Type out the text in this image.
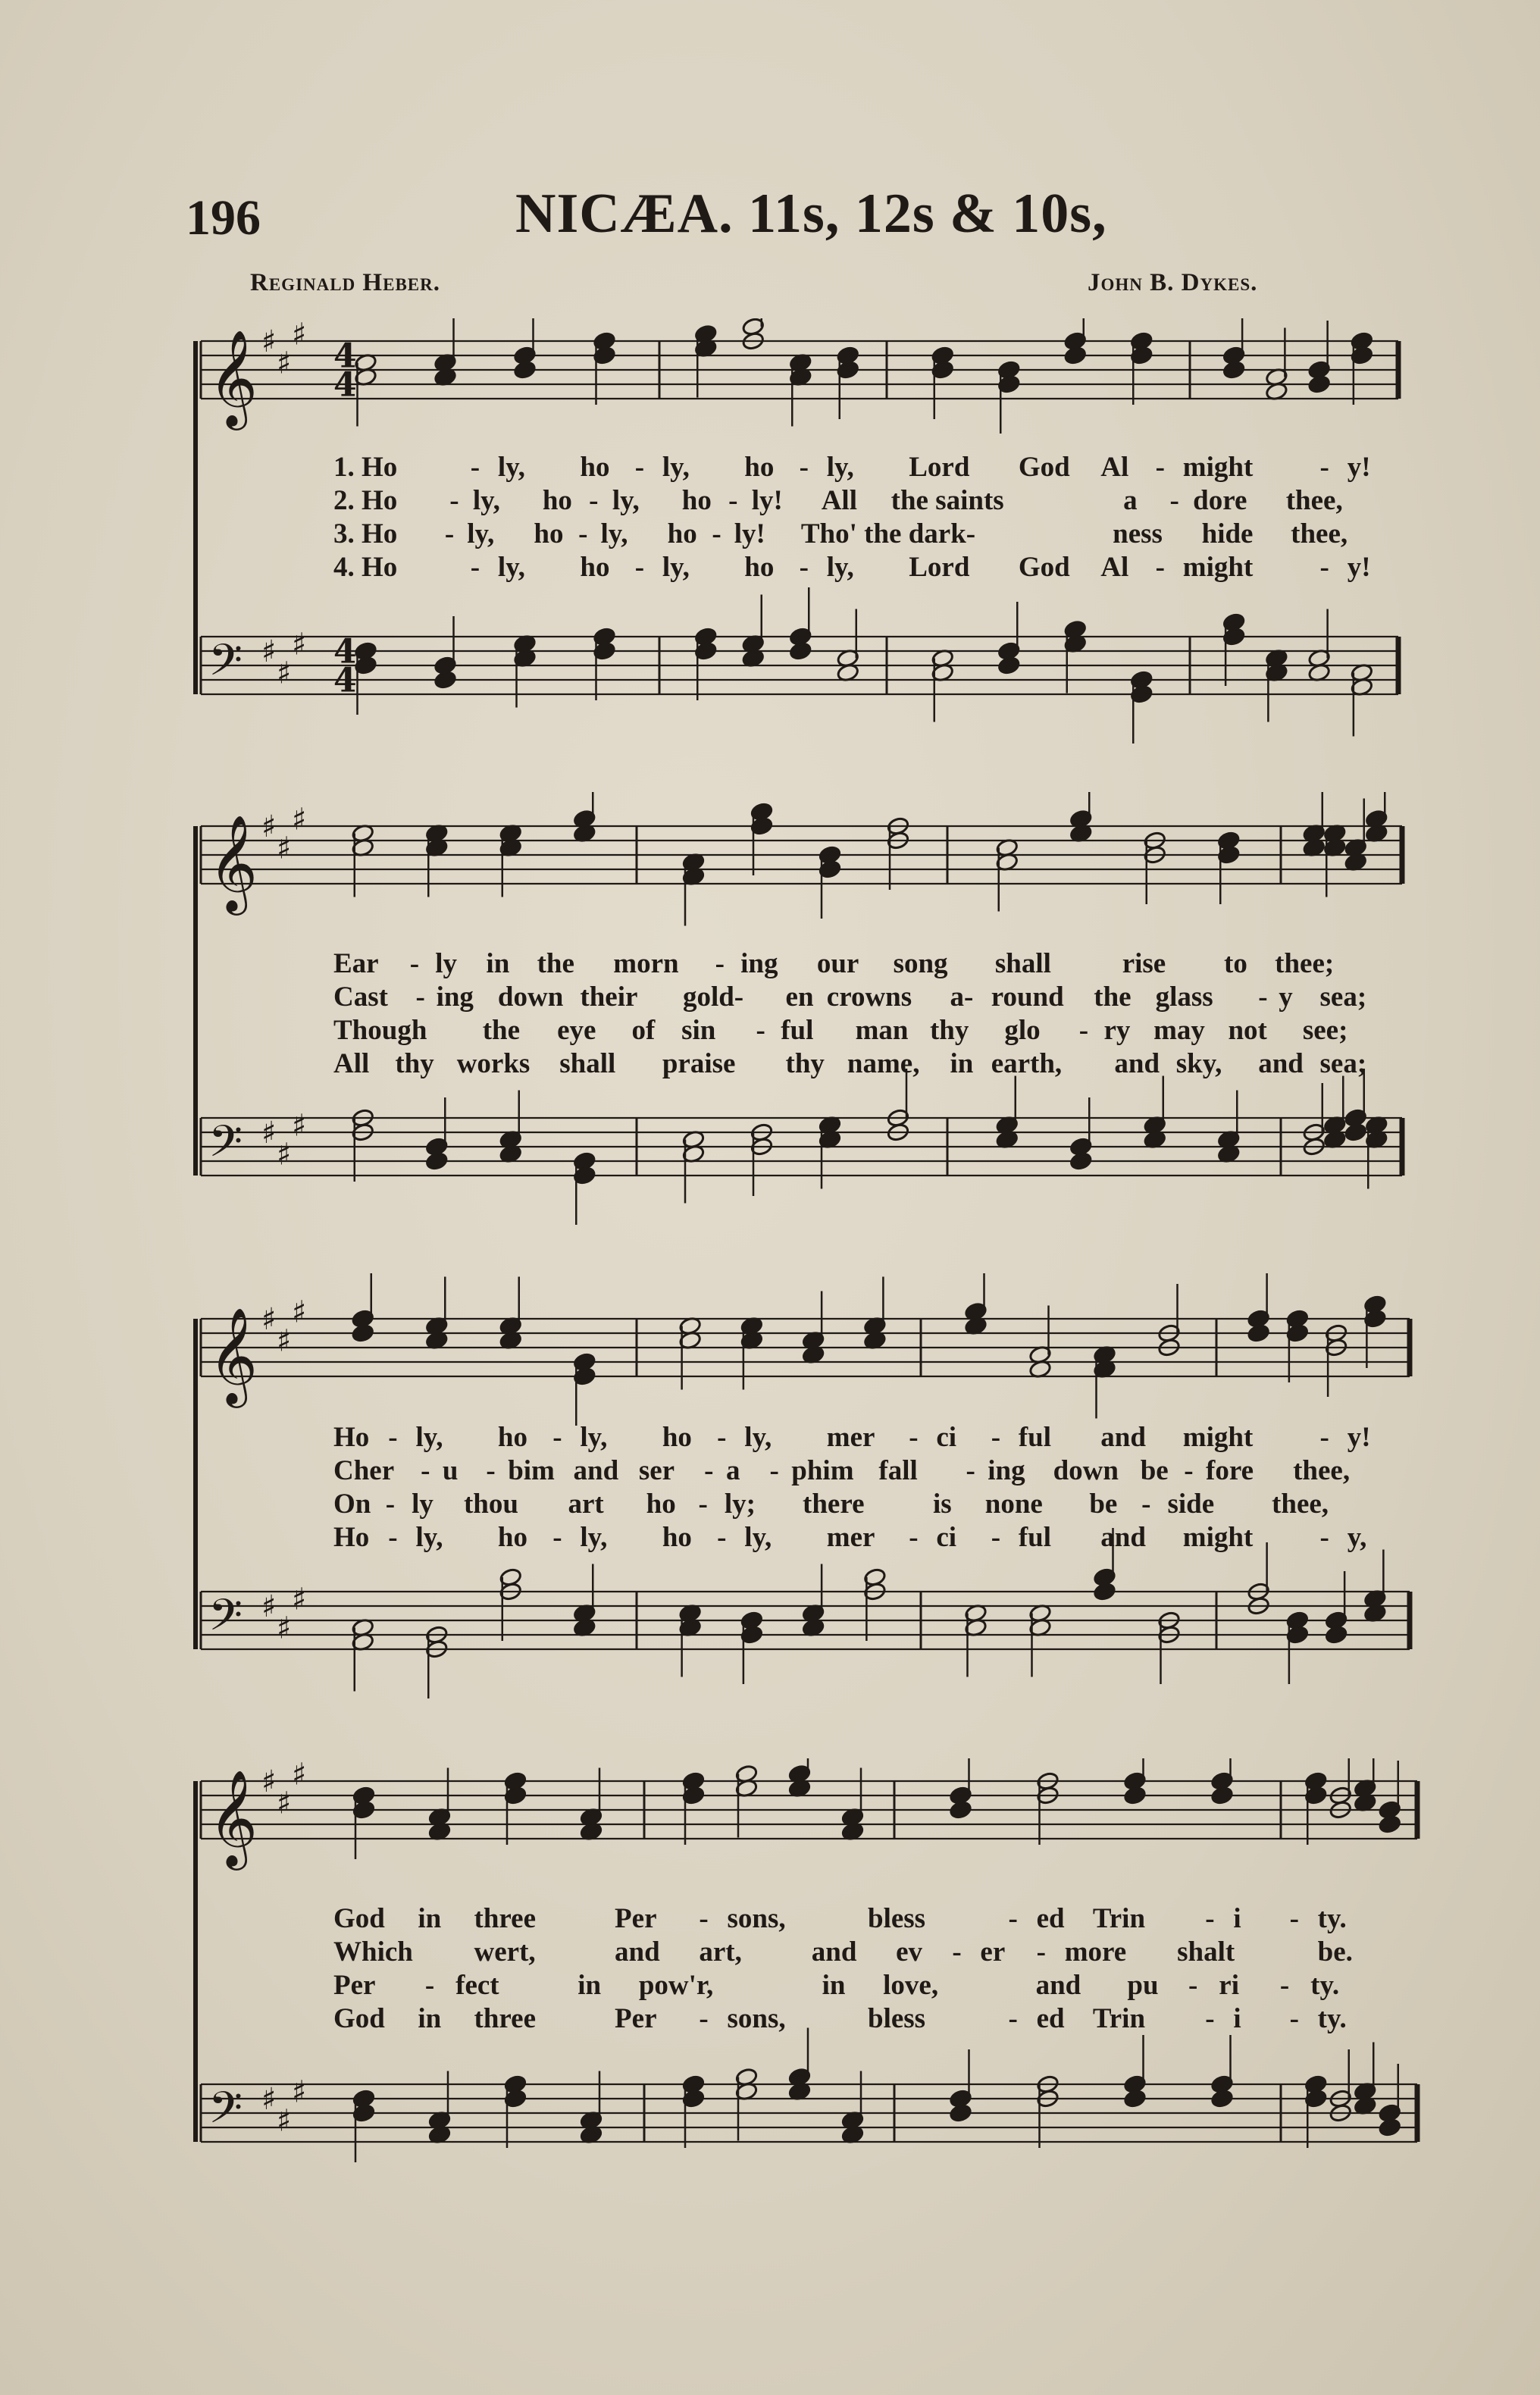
196	NICÆA. 11s, 12s & 10s,
Reginald Heber.	John B. Dykes.
𝄞 ♯
♯
♯
𝄢 ♯
♯
♯
4
4
4
4
1. Ho	- ly, ho - ly, ho - ly, Lord God Al - might - y!
2. Ho - ly, ho - ly, ho - ly! All the saints	a - dore thee,
3. Ho - ly, ho - ly, ho - ly! Tho' the dark-	ness hide thee,
4. Ho	- ly, ho - ly, ho - ly, Lord God Al - might - y!
𝄞 ♯
♯
♯
𝄢 ♯
♯
♯
Ear - ly in the morn - ing our song shall	rise to thee;
Cast - ing down their gold- en crowns a- round the glass - y sea;
Though the eye of sin - ful man thy glo - ry may not see;
All thy works shall praise thy name, in earth, and sky, and sea;
𝄞 ♯
♯
♯
𝄢 ♯
♯
♯
Ho - ly, ho - ly, ho - ly, mer - ci - ful and might - y!
Cher - u - bim and ser - a - phim fall - ing down be - fore thee,
On - ly thou art ho - ly; there is none be - side thee,
Ho - ly, ho - ly, ho - ly, mer - ci - ful and might - y,
𝄞 ♯
♯
♯
𝄢 ♯
♯
♯
God in three	Per - sons,	bless	- ed Trin - i - ty.
Which wert,	and art, and ev - er - more shalt	be.
Per - fect	in pow'r,	in love,	and pu - ri - ty.
God in three	Per - sons,	bless	- ed Trin - i - ty.
